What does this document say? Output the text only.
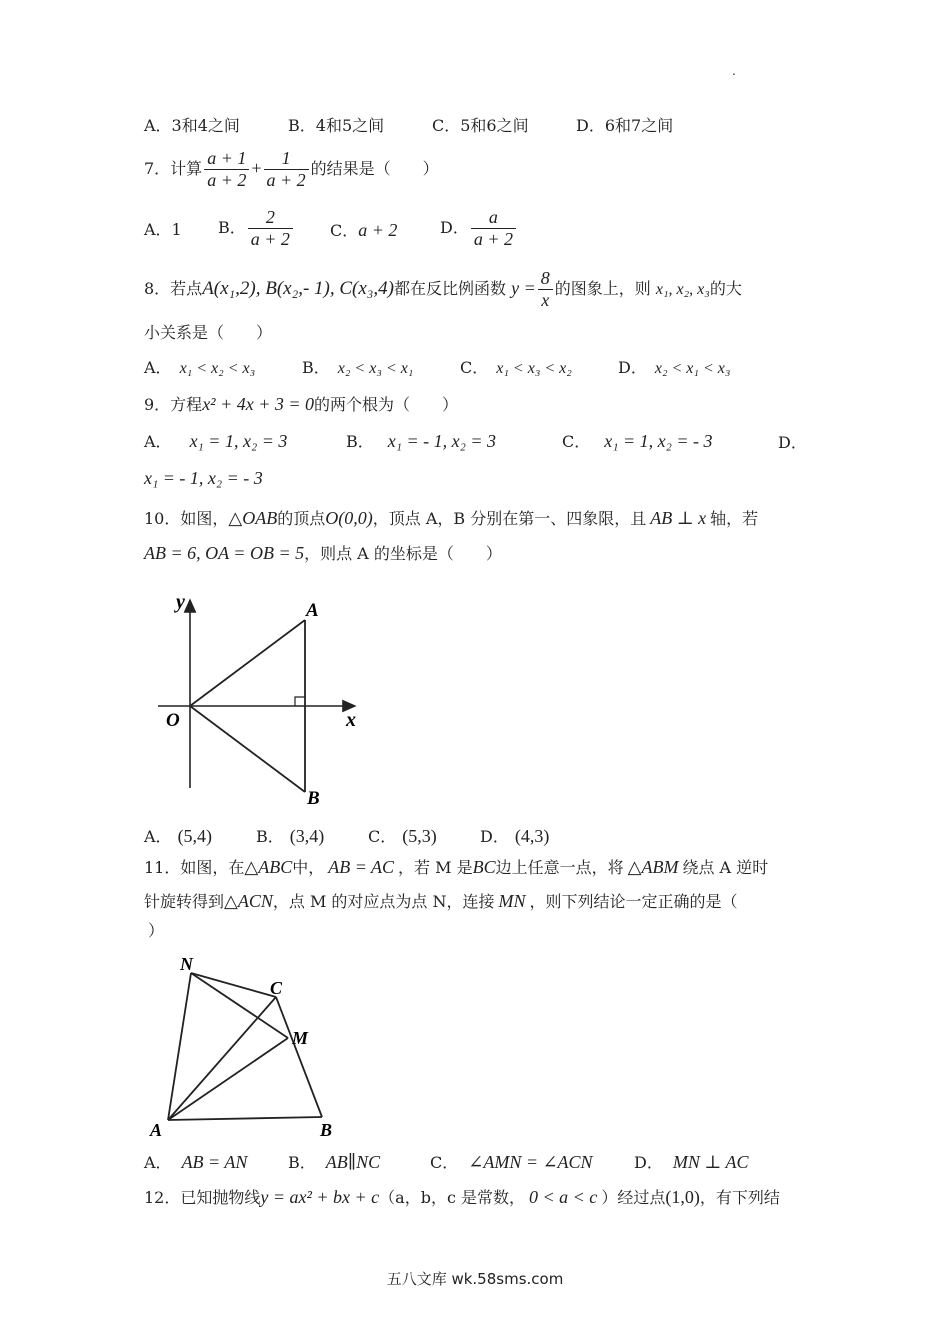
.
A．3和4之间	B．4和5之间	C．5和6之间	D．6和7之间
7．计算 $\frac{a + 1}{a + 2} + \frac{1}{a + 2}$ 的结果是（　　）
A．1 B． $\frac{2}{a + 2}$ C．a + 2	D． $\frac{a}{a + 2}$
8．若点A(x₁,2), B(x₂,- 1), C(x₃,4)都在反比例函数 $y = \frac{8}{x}$ 的图象上，则 x₁, x₂, x₃的大
小关系是（　　）
A． x₁ < x₂ < x₃	B． x₂ < x₃ < x₁	C． x₁ < x₃ < x₂	D． x₂ < x₁ < x₃
9．方程x² + 4x + 3 = 0的两个根为（　　）
A． x₁ = 1, x₂ = 3	B． x₁ = - 1, x₂ = 3	C． x₁ = 1, x₂ = - 3	D．
x₁ = - 1, x₂ = - 3
10．如图，△OAB的顶点O(0,0)，顶点 A，B 分别在第一、四象限，且 AB ⊥ x 轴，若
AB = 6, OA = OB = 5，则点 A 的坐标是（　　）
y
x
A
O
B
A． (5,4)	B． (3,4)	C． (5,3)	D． (4,3)
11．如图，在△ABC中， AB = AC ，若 M 是BC边上任意一点，将 △ABM 绕点 A 逆时
针旋转得到△ACN，点 M 的对应点为点 N，连接 MN ，则下列结论一定正确的是（
）
N
C
M
A	B
A． AB = AN	B． AB∥NC	C． ∠AMN = ∠ACN	D． MN ⊥ AC
12．已知抛物线y = ax² + bx + c（a，b，c 是常数， 0 < a < c ）经过点(1,0)，有下列结
五八文库 wk.58sms.com
